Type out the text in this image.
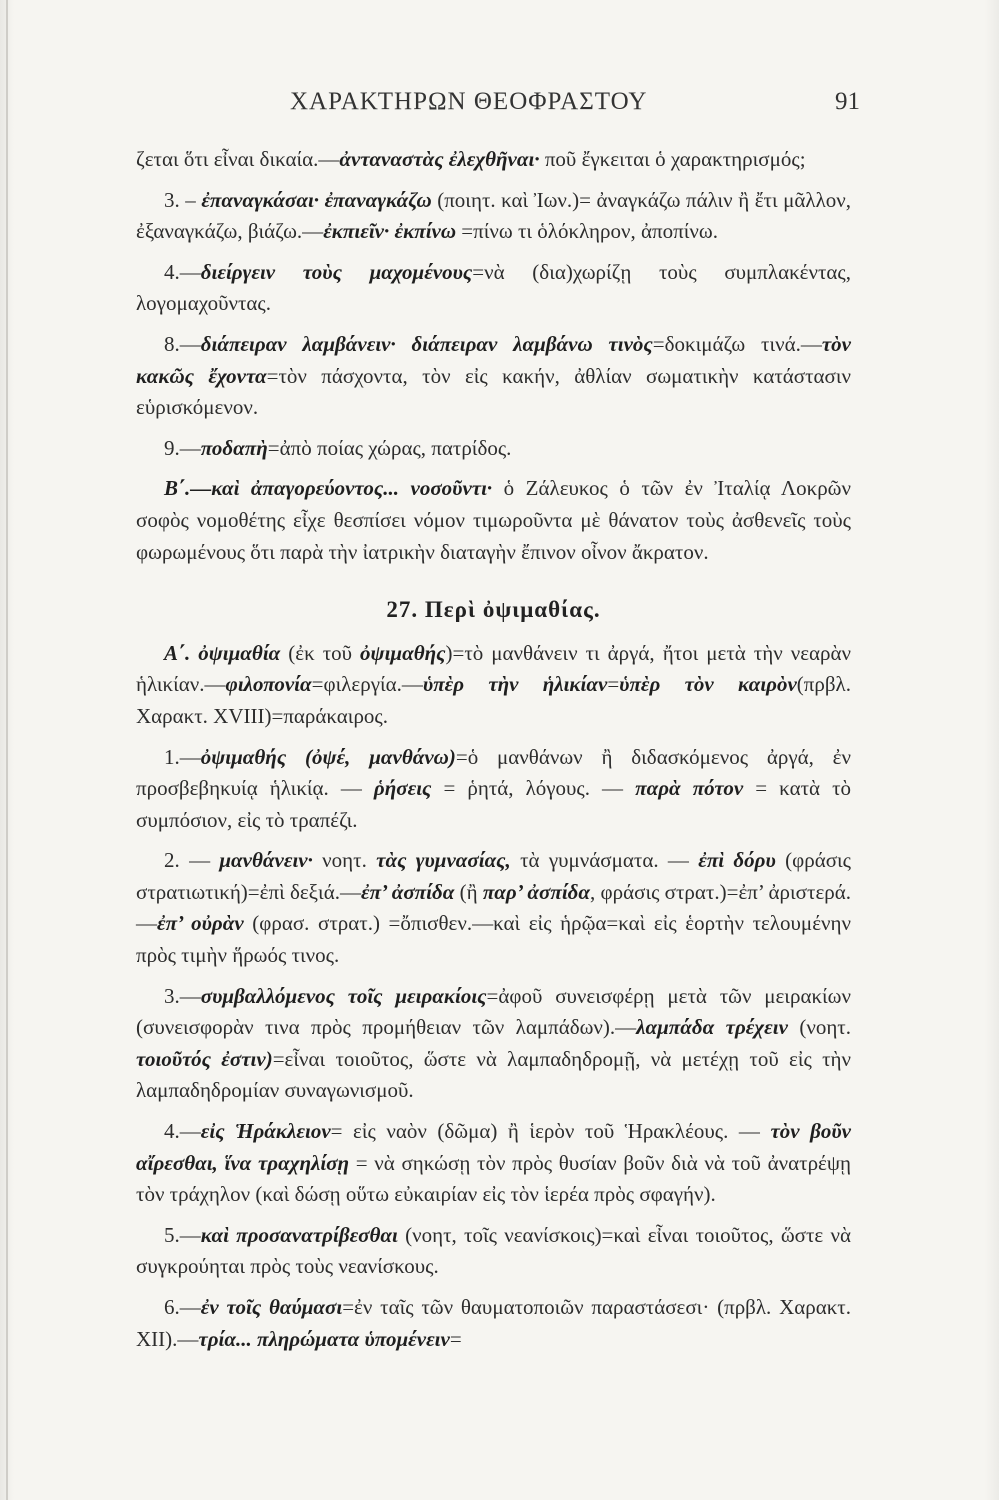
ΧΑΡΑΚΤΗΡΩΝ ΘΕΟΦΡΑΣΤΟΥ	91

ζεται ὅτι εἶναι δικαία.—ἀνταναστὰς ἐλεχθῆναι· ποῦ ἔγκειται ὁ χαρακτηρισμός;

3. – ἐπαναγκάσαι· ἐπαναγκάζω (ποιητ. καὶ Ἰων.)= ἀναγκάζω πάλιν ἢ ἔτι μᾶλλον, ἐξαναγκάζω, βιάζω.—ἐκπιεῖν· ἐκπίνω =πίνω τι ὁλόκληρον, ἀποπίνω.

4.—διείργειν τοὺς μαχομένους=νὰ (δια)χωρίζῃ τοὺς συμπλακέντας, λογομαχοῦντας.

8.—διάπειραν λαμβάνειν· διάπειραν λαμβάνω τινὸς=δοκιμάζω τινά.—τὸν κακῶς ἔχοντα=τὸν πάσχοντα, τὸν εἰς κακήν, ἀθλίαν σωματικὴν κατάστασιν εὑρισκόμενον.

9.—ποδαπὴ=ἀπὸ ποίας χώρας, πατρίδος.

Β΄.—καὶ ἀπαγορεύοντος... νοσοῦντι· ὁ Ζάλευκος ὁ τῶν ἐν Ἰταλίᾳ Λοκρῶν σοφὸς νομοθέτης εἶχε θεσπίσει νόμον τιμωροῦντα μὲ θάνατον τοὺς ἀσθενεῖς τοὺς φωρωμένους ὅτι παρὰ τὴν ἰατρικὴν διαταγὴν ἔπινον οἶνον ἄκρατον.

27. Περὶ ὀψιμαθίας.

Α΄. ὀψιμαθία (ἐκ τοῦ ὀψιμαθής)=τὸ μανθάνειν τι ἀργά, ἤτοι μετὰ τὴν νεαρὰν ἡλικίαν.—φιλοπονία=φιλεργία.—ὑπὲρ τὴν ἡλικίαν=ὑπὲρ τὸν καιρὸν(πρβλ. Χαρακτ. XVIII)=παράκαιρος.

1.—ὀψιμαθής (ὀψέ, μανθάνω)=ὁ μανθάνων ἢ διδασκόμενος ἀργά, ἐν προσβεβηκυίᾳ ἡλικίᾳ. — ῥήσεις = ῥητά, λόγους. — παρὰ πότον = κατὰ τὸ συμπόσιον, εἰς τὸ τραπέζι.

2. — μανθάνειν· νοητ. τὰς γυμνασίας, τὰ γυμνάσματα. — ἐπὶ δόρυ (φράσις στρατιωτική)=ἐπὶ δεξιά.—ἐπ’ ἀσπίδα (ἢ παρ’ ἀσπίδα, φράσις στρατ.)=ἐπ’ ἀριστερά.—ἐπ’ οὐρὰν (φρασ. στρατ.) =ὄπισθεν.—καὶ εἰς ἡρῷα=καὶ εἰς ἑορτὴν τελουμένην πρὸς τιμὴν ἥρωός τινος.

3.—συμβαλλόμενος τοῖς μειρακίοις=ἀφοῦ συνεισφέρῃ μετὰ τῶν μειρακίων (συνεισφορὰν τινα πρὸς προμήθειαν τῶν λαμπάδων).—λαμπάδα τρέχειν (νοητ. τοιοῦτός ἐστιν)=εἶναι τοιοῦτος, ὥστε νὰ λαμπαδηδρομῇ, νὰ μετέχῃ τοῦ εἰς τὴν λαμπαδηδρομίαν συναγωνισμοῦ.

4.—εἰς Ἡράκλειον= εἰς ναὸν (δῶμα) ἢ ἱερὸν τοῦ Ἡρακλέους. — τὸν βοῦν αἴρεσθαι, ἵνα τραχηλίσῃ = νὰ σηκώσῃ τὸν πρὸς θυσίαν βοῦν διὰ νὰ τοῦ ἀνατρέψῃ τὸν τράχηλον (καὶ δώσῃ οὕτω εὐκαιρίαν εἰς τὸν ἱερέα πρὸς σφαγήν).

5.—καὶ προσανατρίβεσθαι (νοητ, τοῖς νεανίσκοις)=καὶ εἶναι τοιοῦτος, ὥστε νὰ συγκρούηται πρὸς τοὺς νεανίσκους.

6.—ἐν τοῖς θαύμασι=ἐν ταῖς τῶν θαυματοποιῶν παραστάσεσι· (πρβλ. Χαρακτ. XII).—τρία... πληρώματα ὑπομένειν=
